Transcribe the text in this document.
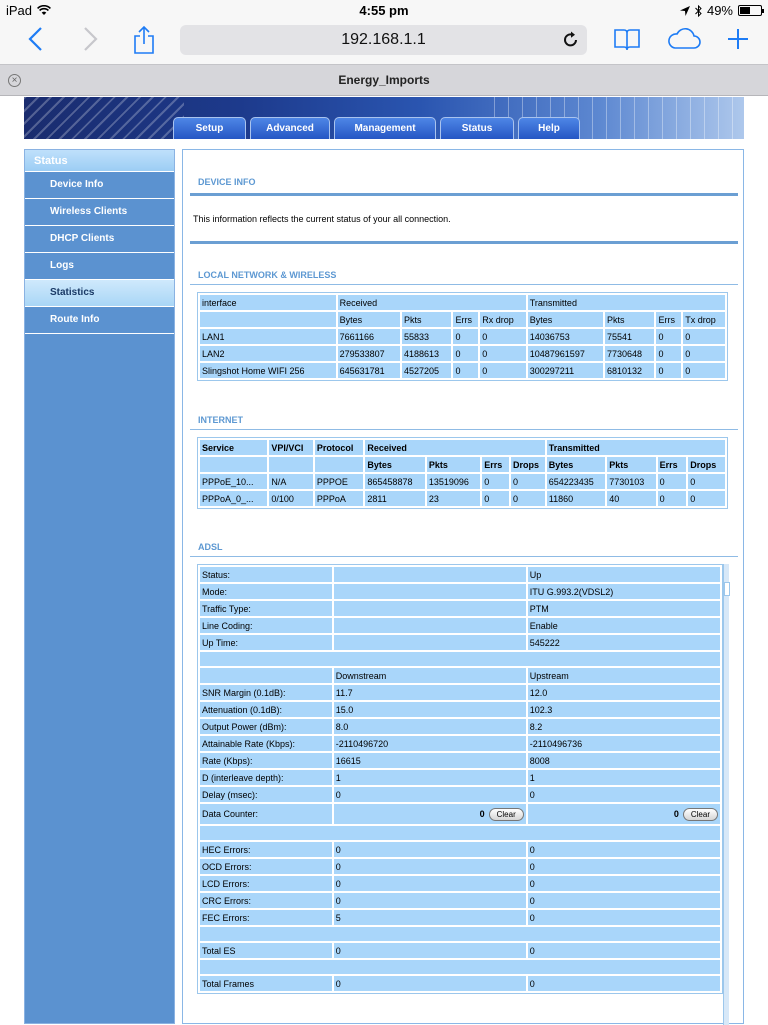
iPad	4:55 pm	49%
192.168.1.1
×	Energy_Imports
Setup	Advanced	Management	Status	Help
Status
Device Info
Wireless Clients
DHCP Clients
Logs
Statistics
Route Info
DEVICE INFO
This information reflects the current status of your all connection.
LOCAL NETWORK & WIRELESS
interface	Received				Transmitted			
	Bytes	Pkts	Errs	Rx drop	Bytes	Pkts	Errs	Tx drop
LAN1	7661166	55833	0	0	14036753	75541	0	0
LAN2	279533807	4188613	0	0	10487961597	7730648	0	0
Slingshot Home WIFI 256	645631781	4527205	0	0	300297211	6810132	0	0
INTERNET
Service	VPI/VCI	Protocol	Received				Transmitted			
			Bytes	Pkts	Errs	Drops	Bytes	Pkts	Errs	Drops
PPPoE_10...	N/A	PPPOE	865458878	13519096	0	0	654223435	7730103	0	0
PPPoA_0_...	0/100	PPPoA	2811	23	0	0	11860	40	0	0
ADSL
Status:		Up
Mode:		ITU G.993.2(VDSL2)
Traffic Type:		PTM
Line Coding:		Enable
Up Time:		545222

	Downstream	Upstream
SNR Margin (0.1dB):	11.7	12.0
Attenuation (0.1dB):	15.0	102.3
Output Power (dBm):	8.0	8.2
Attainable Rate (Kbps):	-2110496720	-2110496736
Rate (Kbps):	16615	8008
D (interleave depth):	1	1
Delay (msec):	0	0
Data Counter:	0 Clear	0 Clear

HEC Errors:	0	0
OCD Errors:	0	0
LCD Errors:	0	0
CRC Errors:	0	0
FEC Errors:	5	0

Total ES	0	0

Total Frames	0	0
